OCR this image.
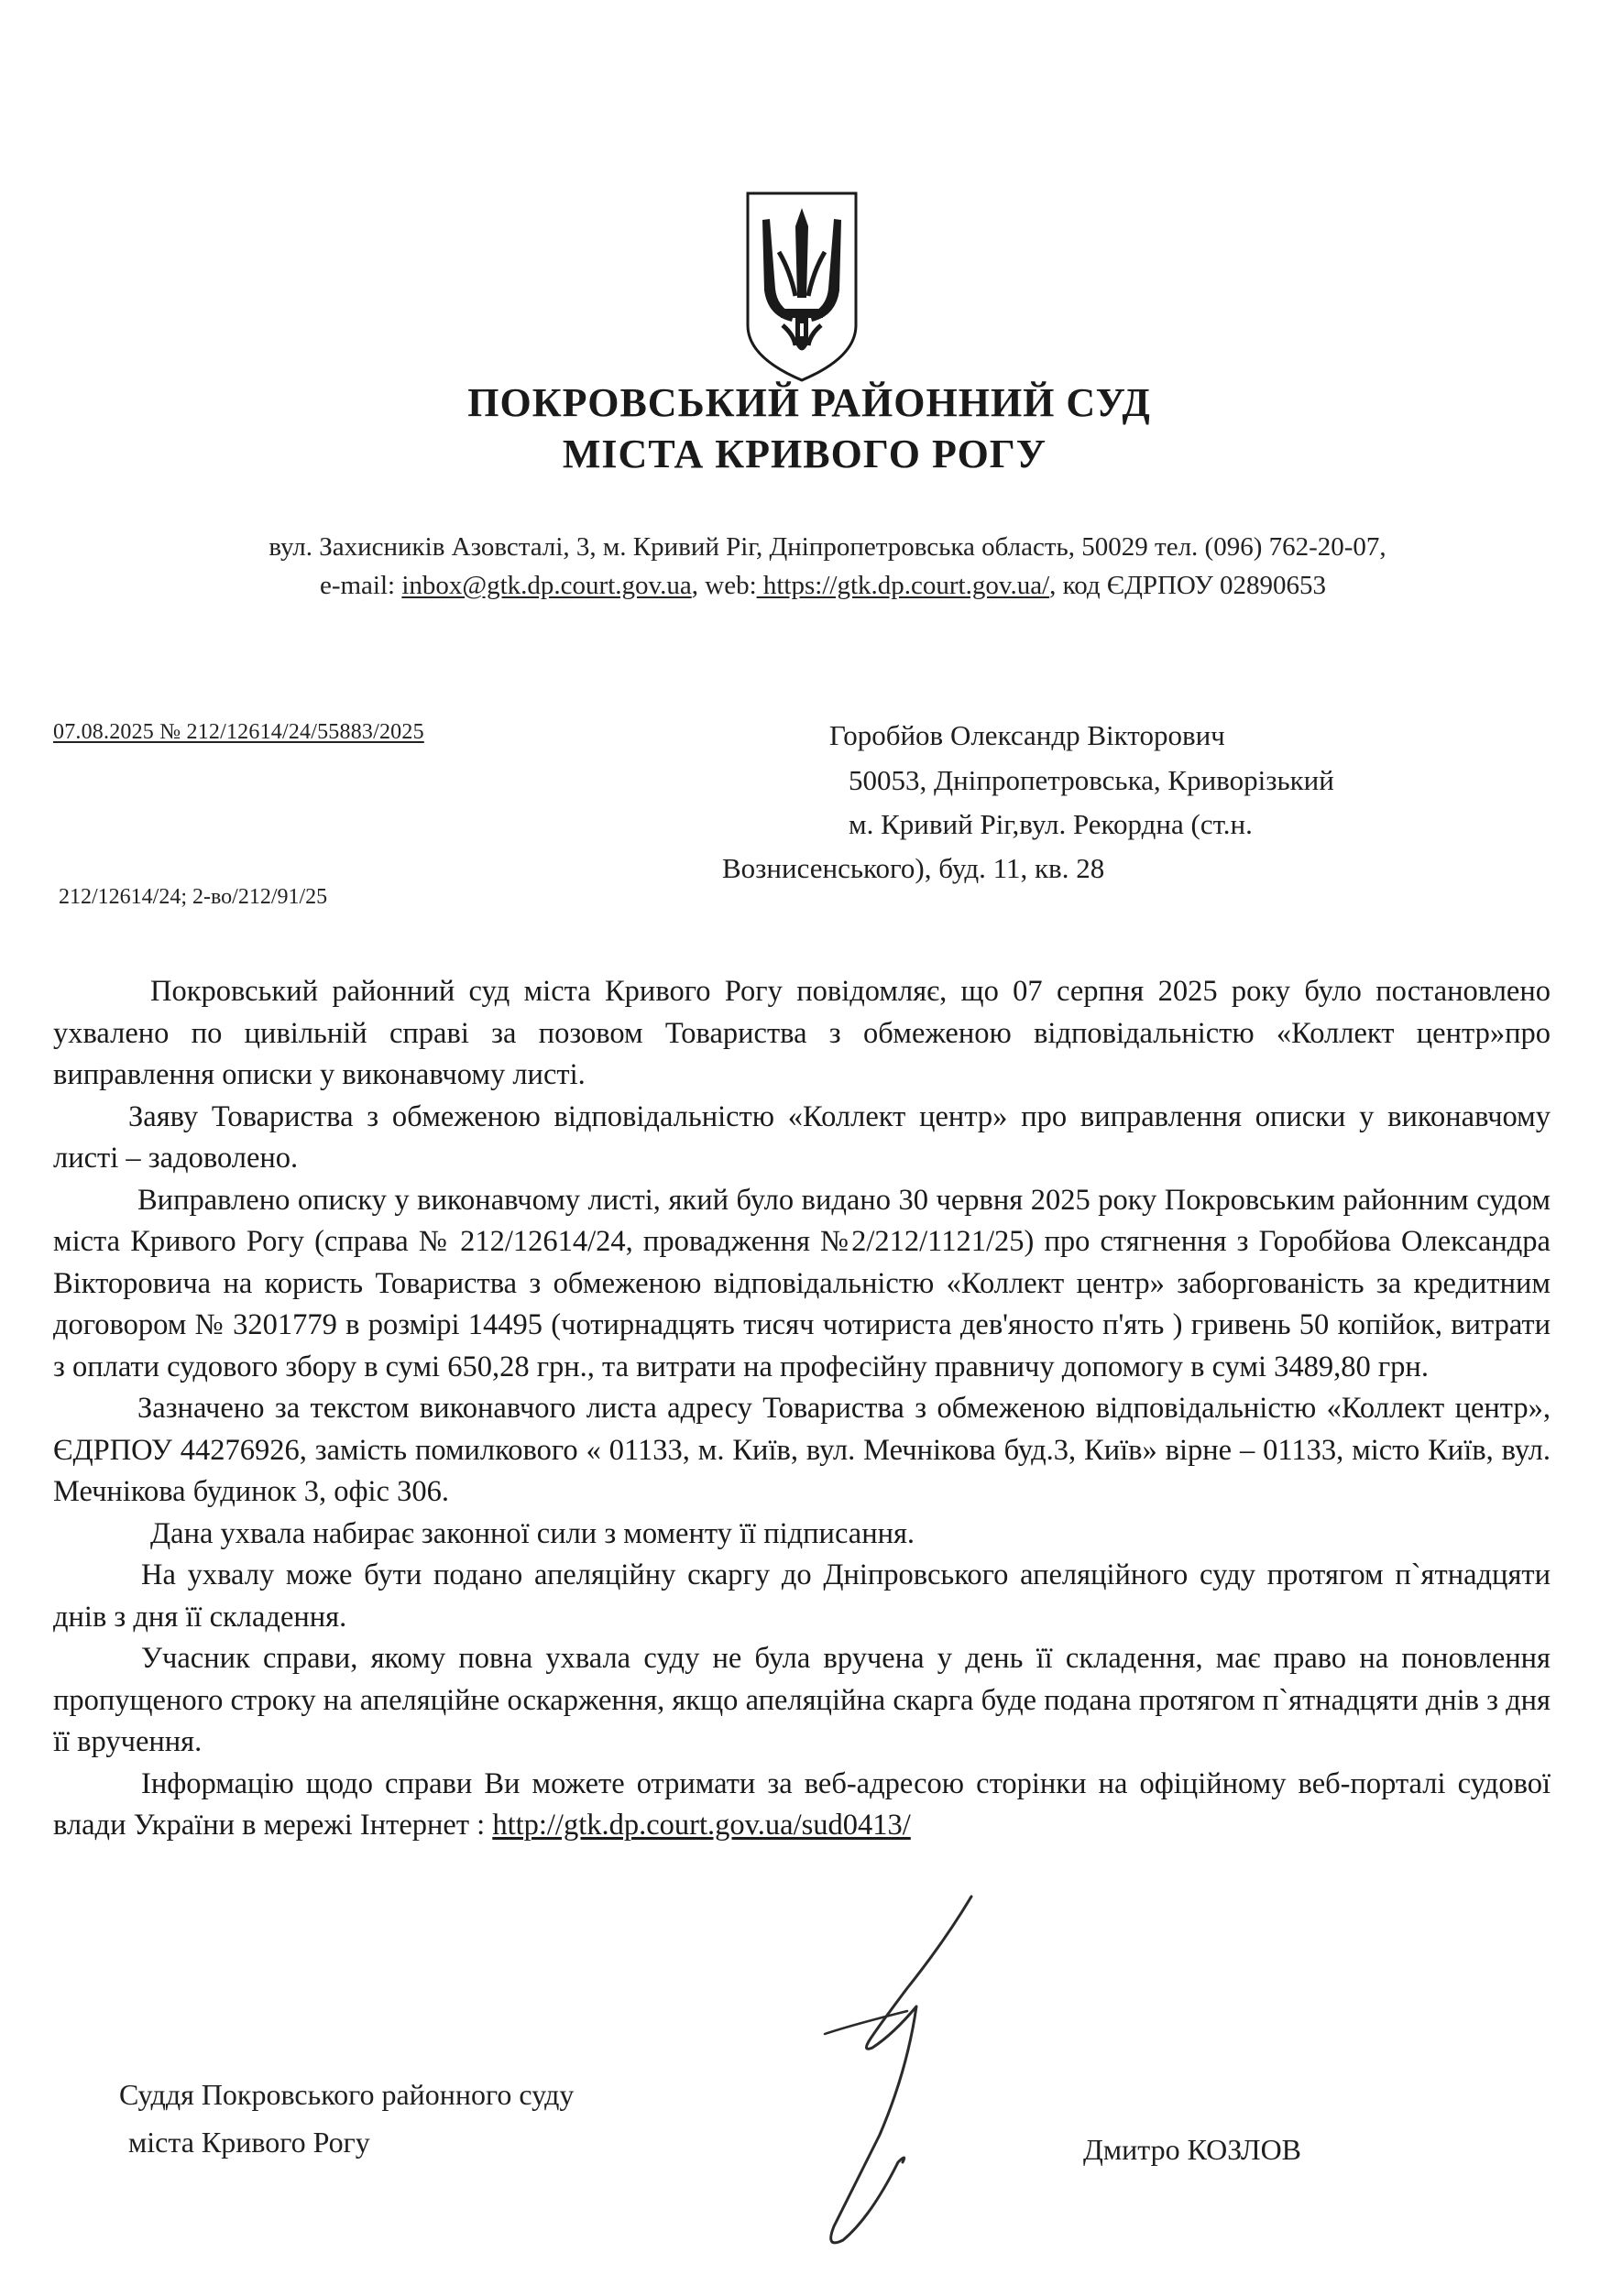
ПОКРОВСЬКИЙ РАЙОННИЙ СУД
МІСТА КРИВОГО РОГУ
вул. Захисників Азовсталі, 3, м. Кривий Ріг, Дніпропетровська область, 50029 тел. (096) 762-20-07,
e-mail: inbox@gtk.dp.court.gov.ua, web: https://gtk.dp.court.gov.ua/, код ЄДРПОУ 02890653
07.08.2025 № 212/12614/24/55883/2025
212/12614/24; 2-во/212/91/25
Горобйов Олександр Вікторович
50053, Дніпропетровська, Криворізький
м. Кривий Ріг,вул. Рекордна (ст.н.
Вознисенського), буд. 11, кв. 28

Покровський районний суд міста Кривого Рогу повідомляє, що 07 серпня 2025 року було постановлено ухвалено по цивільній справі за позовом Товариства з обмеженою відповідальністю «Коллект центр»про виправлення описки у виконавчому листі.

Заяву Товариства з обмеженою відповідальністю «Коллект центр» про виправлення описки у виконавчому листі – задоволено.

Виправлено описку у виконавчому листі, який було видано 30 червня 2025 року Покровським районним судом міста Кривого Рогу (справа № 212/12614/24, провадження №2/212/1121/25) про стягнення з Горобйова Олександра Вікторовича на користь Товариства з обмеженою відповідальністю «Коллект центр» заборгованість за кредитним договором № 3201779 в розмірі 14495 (чотирнадцять тисяч чотириста дев'яносто п'ять ) гривень 50 копійок, витрати з оплати судового збору в сумі 650,28 грн., та витрати на професійну правничу допомогу в сумі 3489,80 грн.

Зазначено за текстом виконавчого листа адресу Товариства з обмеженою відповідальністю «Коллект центр», ЄДРПОУ 44276926, замість помилкового « 01133, м. Київ, вул. Мечнікова буд.3, Київ» вірне – 01133, місто Київ, вул. Мечнікова будинок 3, офіс 306.

Дана ухвала набирає законної сили з моменту її підписання.

На ухвалу може бути подано апеляційну скаргу до Дніпровського апеляційного суду протягом п`ятнадцяти днів з дня її складення.

Учасник справи, якому повна ухвала суду не була вручена у день її складення, має право на поновлення пропущеного строку на апеляційне оскарження, якщо апеляційна скарга буде подана протягом п`ятнадцяти днів з дня її вручення.

Інформацію щодо справи Ви можете отримати за веб-адресою сторінки на офіційному веб-порталі судової влади України в мережі Інтернет : http://gtk.dp.court.gov.ua/sud0413/

Суддя Покровського районного суду
міста Кривого Рогу	Дмитро КОЗЛОВ
